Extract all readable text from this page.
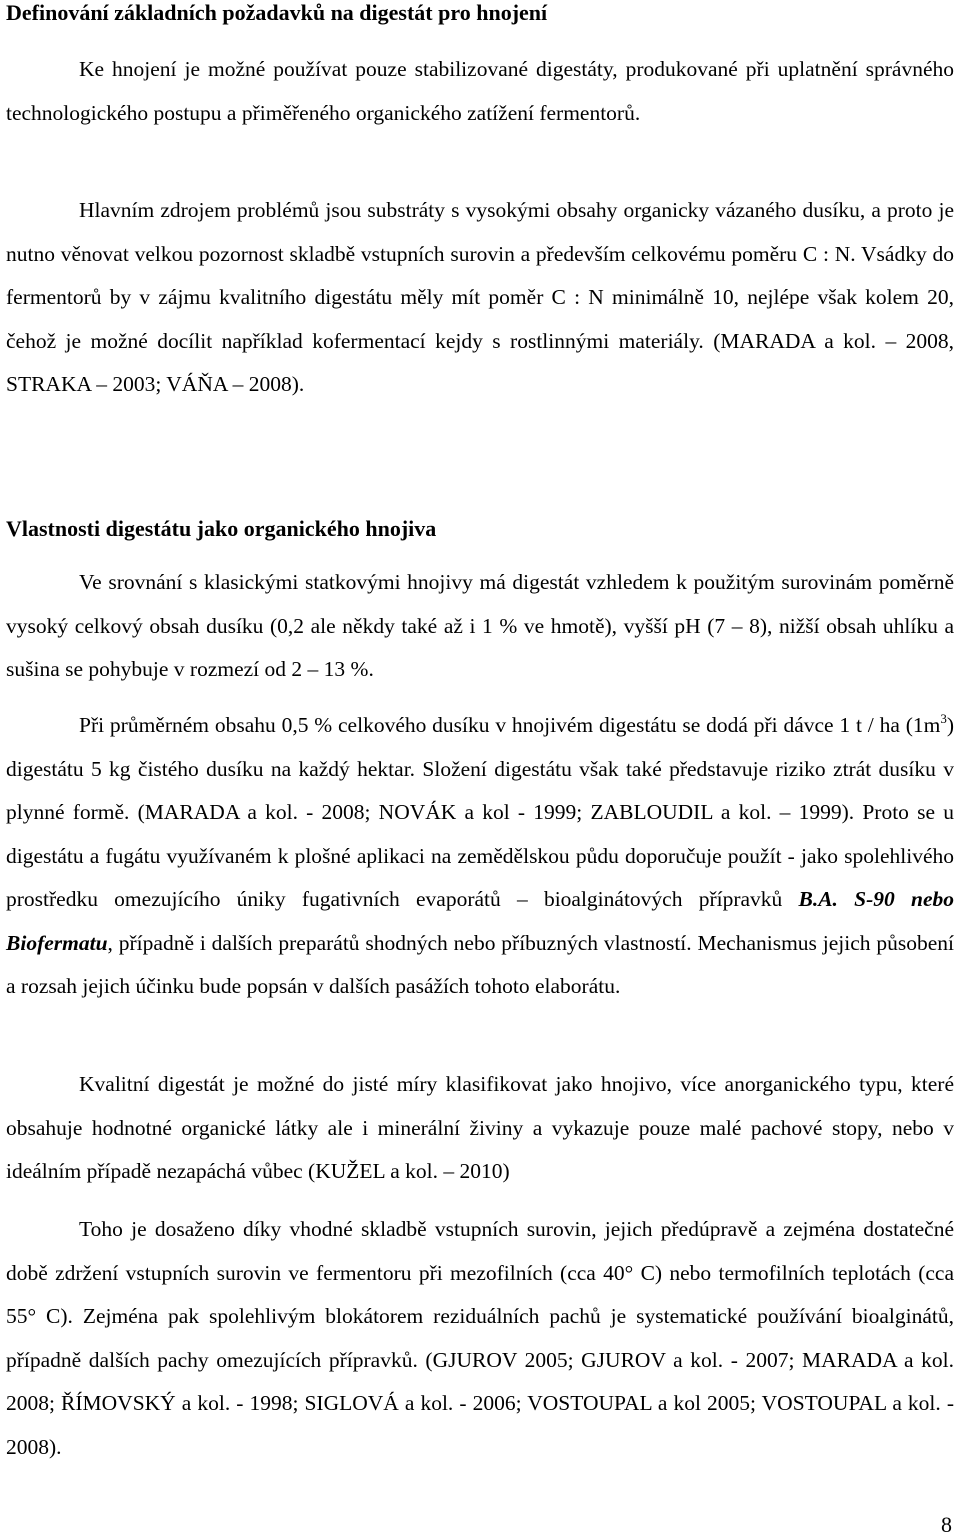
Definování základních požadavků na digestát pro hnojení

Ke hnojení je možné používat pouze stabilizované digestáty, produkované při uplatnění správného technologického postupu a přiměřeného organického zatížení fermentorů.

Hlavním zdrojem problémů jsou substráty s vysokými obsahy organicky vázaného dusíku, a proto je nutno věnovat velkou pozornost skladbě vstupních surovin a především celkovému poměru C : N. Vsádky do fermentorů by v zájmu kvalitního digestátu měly mít poměr C : N minimálně 10, nejlépe však kolem 20, čehož je možné docílit například kofermentací kejdy s rostlinnými materiály. (MARADA a kol. – 2008, STRAKA – 2003; VÁŇA – 2008).

Vlastnosti digestátu jako organického hnojiva

Ve srovnání s klasickými statkovými hnojivy má digestát vzhledem k použitým surovinám poměrně vysoký celkový obsah dusíku (0,2 ale někdy také až i 1 % ve hmotě), vyšší pH (7 – 8), nižší obsah uhlíku a sušina se pohybuje v rozmezí od 2 – 13 %.

Při průměrném obsahu 0,5 % celkového dusíku v hnojivém digestátu se dodá při dávce 1 t / ha $(1m^3)$ digestátu 5 kg čistého dusíku na každý hektar. Složení digestátu však také představuje riziko ztrát dusíku v plynné formě. (MARADA a kol. - 2008; NOVÁK a kol - 1999; ZABLOUDIL a kol. – 1999). Proto se u digestátu a fugátu využívaném k plošné aplikaci na zemědělskou půdu doporučuje použít - jako spolehlivého prostředku omezujícího úniky fugativních evaporátů – bioalginátových přípravků B.A. S-90 nebo Biofermatu, případně i dalších preparátů shodných nebo příbuzných vlastností. Mechanismus jejich působení a rozsah jejich účinku bude popsán v dalších pasážích tohoto elaborátu.

Kvalitní digestát je možné do jisté míry klasifikovat jako hnojivo, více anorganického typu, které obsahuje hodnotné organické látky ale i minerální živiny a vykazuje pouze malé pachové stopy, nebo v ideálním případě nezapáchá vůbec (KUŽEL a kol. – 2010)

Toho je dosaženo díky vhodné skladbě vstupních surovin, jejich předúpravě a zejména dostatečné době zdržení vstupních surovin ve fermentoru při mezofilních (cca 40° C) nebo termofilních teplotách (cca 55° C). Zejména pak spolehlivým blokátorem reziduálních pachů je systematické používání bioalginátů, případně dalších pachy omezujících přípravků. (GJUROV 2005; GJUROV a kol. - 2007; MARADA a kol. 2008; ŘÍMOVSKÝ a kol. - 1998; SIGLOVÁ a kol. - 2006; VOSTOUPAL a kol 2005; VOSTOUPAL a kol. - 2008).

8
